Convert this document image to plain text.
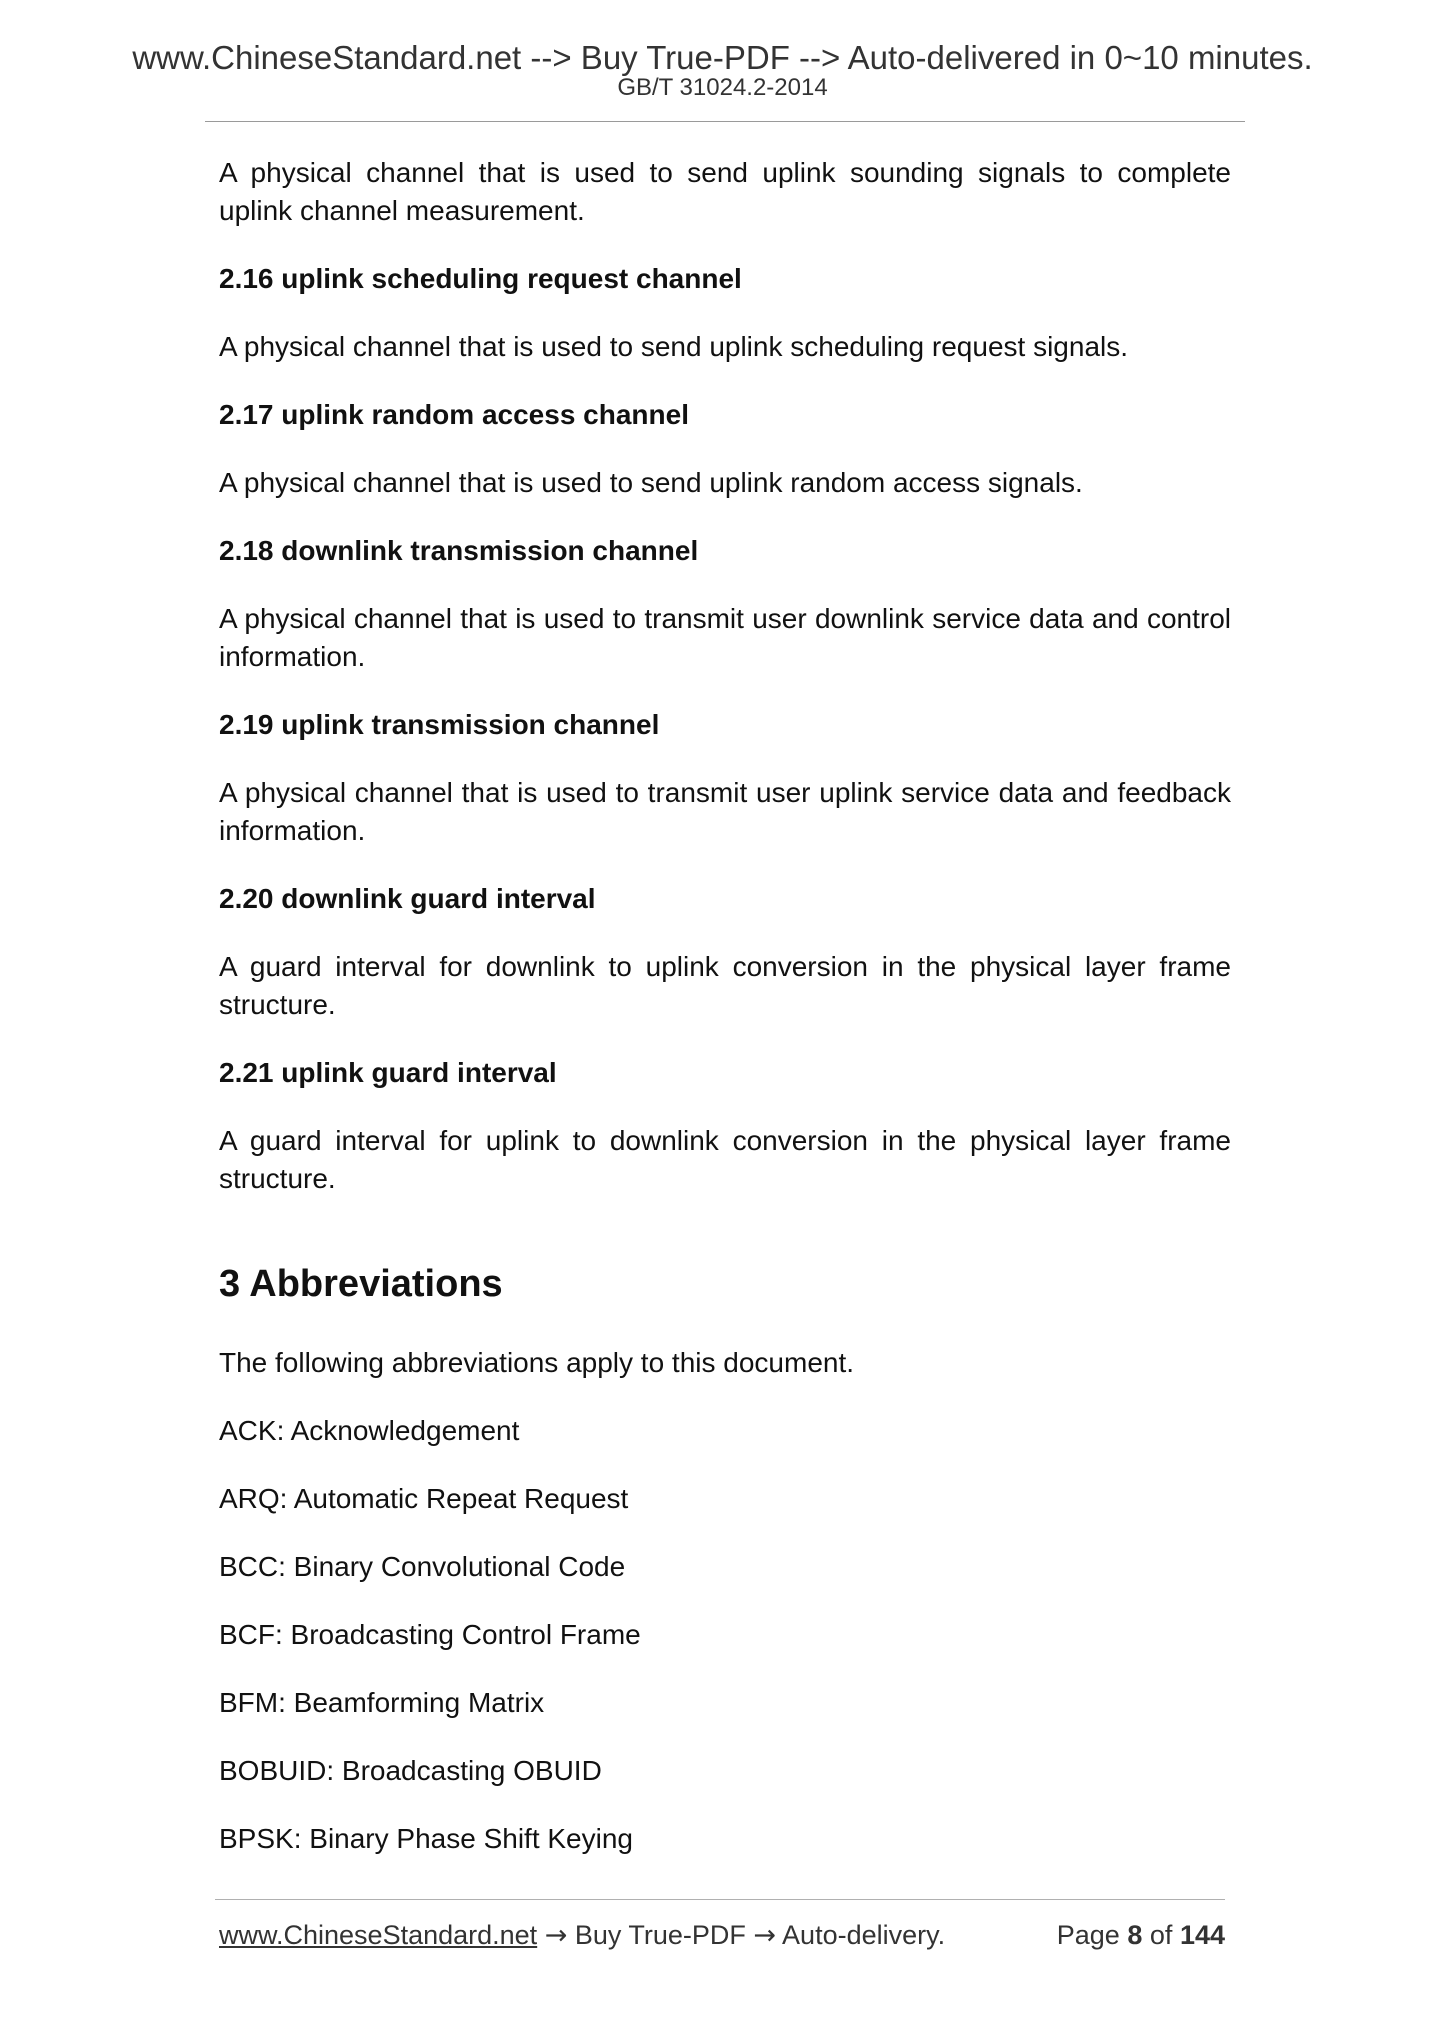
www.ChineseStandard.net --> Buy True-PDF --> Auto-delivered in 0~10 minutes.
GB/T 31024.2-2014

A physical channel that is used to send uplink sounding signals to complete uplink channel measurement.

2.16 uplink scheduling request channel

A physical channel that is used to send uplink scheduling request signals.

2.17 uplink random access channel

A physical channel that is used to send uplink random access signals.

2.18 downlink transmission channel

A physical channel that is used to transmit user downlink service data and control information.

2.19 uplink transmission channel

A physical channel that is used to transmit user uplink service data and feedback information.

2.20 downlink guard interval

A guard interval for downlink to uplink conversion in the physical layer frame structure.

2.21 uplink guard interval

A guard interval for uplink to downlink conversion in the physical layer frame structure.

3 Abbreviations

The following abbreviations apply to this document.

ACK: Acknowledgement
ARQ: Automatic Repeat Request
BCC: Binary Convolutional Code
BCF: Broadcasting Control Frame
BFM: Beamforming Matrix
BOBUID: Broadcasting OBUID
BPSK: Binary Phase Shift Keying
www.ChineseStandard.net → Buy True-PDF → Auto-delivery.	Page 8 of 144
